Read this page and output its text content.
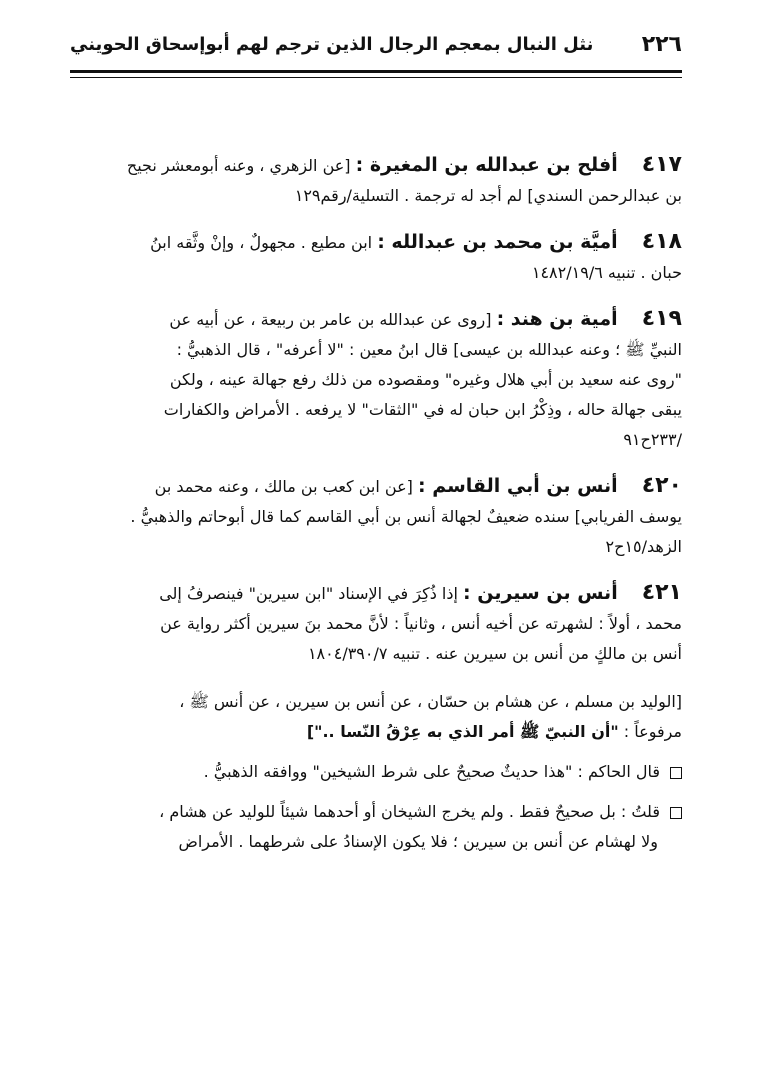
٢٢٦
نثل النبال بمعجم الرجال الذين ترجم لهم أبوإسحاق الحويني
٤١٧أفلح بن عبدالله بن المغيرة : [عن الزهري ، وعنه أبومعشر نجيح
بن عبدالرحمن السندي] لم أجد له ترجمة . التسلية/رقم١٢٩
٤١٨أميَّة بن محمد بن عبدالله : ابن مطيع . مجهولٌ ، وإنْ وثَّقه ابنُ
حبان . تنبيه ١٤٨٢/١٩/٦
٤١٩أمية بن هند : [روى عن عبدالله بن عامر بن ربيعة ، عن أبيه عن
النبيِّ ﷺ ؛ وعنه عبدالله بن عيسى] قال ابنُ معين : "لا أعرفه" ، قال الذهبيُّ :
"روى عنه سعيد بن أبي هلال وغيره" ومقصوده من ذلك رفع جهالة عينه ، ولكن
يبقى جهالة حاله ، وذِكْرُ ابن حبان له في "الثقات" لا يرفعه . الأمراض والكفارات
/٢٣٣ح٩١
٤٢٠أنس بن أبي القاسم : [عن ابن كعب بن مالك ، وعنه محمد بن
يوسف الفريابي] سنده ضعيفٌ لجهالة أنس بن أبي القاسم كما قال أبوحاتم والذهبيُّ .
الزهد/١٥ح٢
٤٢١أنس بن سيرين : إذا ذُكِرَ في الإسناد "ابن سيرين" فينصرفُ إلى
محمد ، أولاً : لشهرته عن أخيه أنس ، وثانياً : لأنَّ محمد بنَ سيرين أكثر رواية عن
أنس بن مالكٍ من أنس بن سيرين عنه . تنبيه ١٨٠٤/٣٩٠/٧
[الوليد بن مسلم ، عن هشام بن حسّان ، عن أنس بن سيرين ، عن أنس ﷺ ،
مرفوعاً : "أن النبيّ ﷺ أمر الذي به عِرْقُ النّسا .."]
قال الحاكم : "هذا حديثٌ صحيحٌ على شرط الشيخين" ووافقه الذهبيُّ .
قلتُ : بل صحيحٌ فقط . ولم يخرج الشيخان أو أحدهما شيئاً للوليد عن هشام ،
ولا لهشام عن أنس بن سيرين ؛ فلا يكون الإسنادُ على شرطهما . الأمراض
